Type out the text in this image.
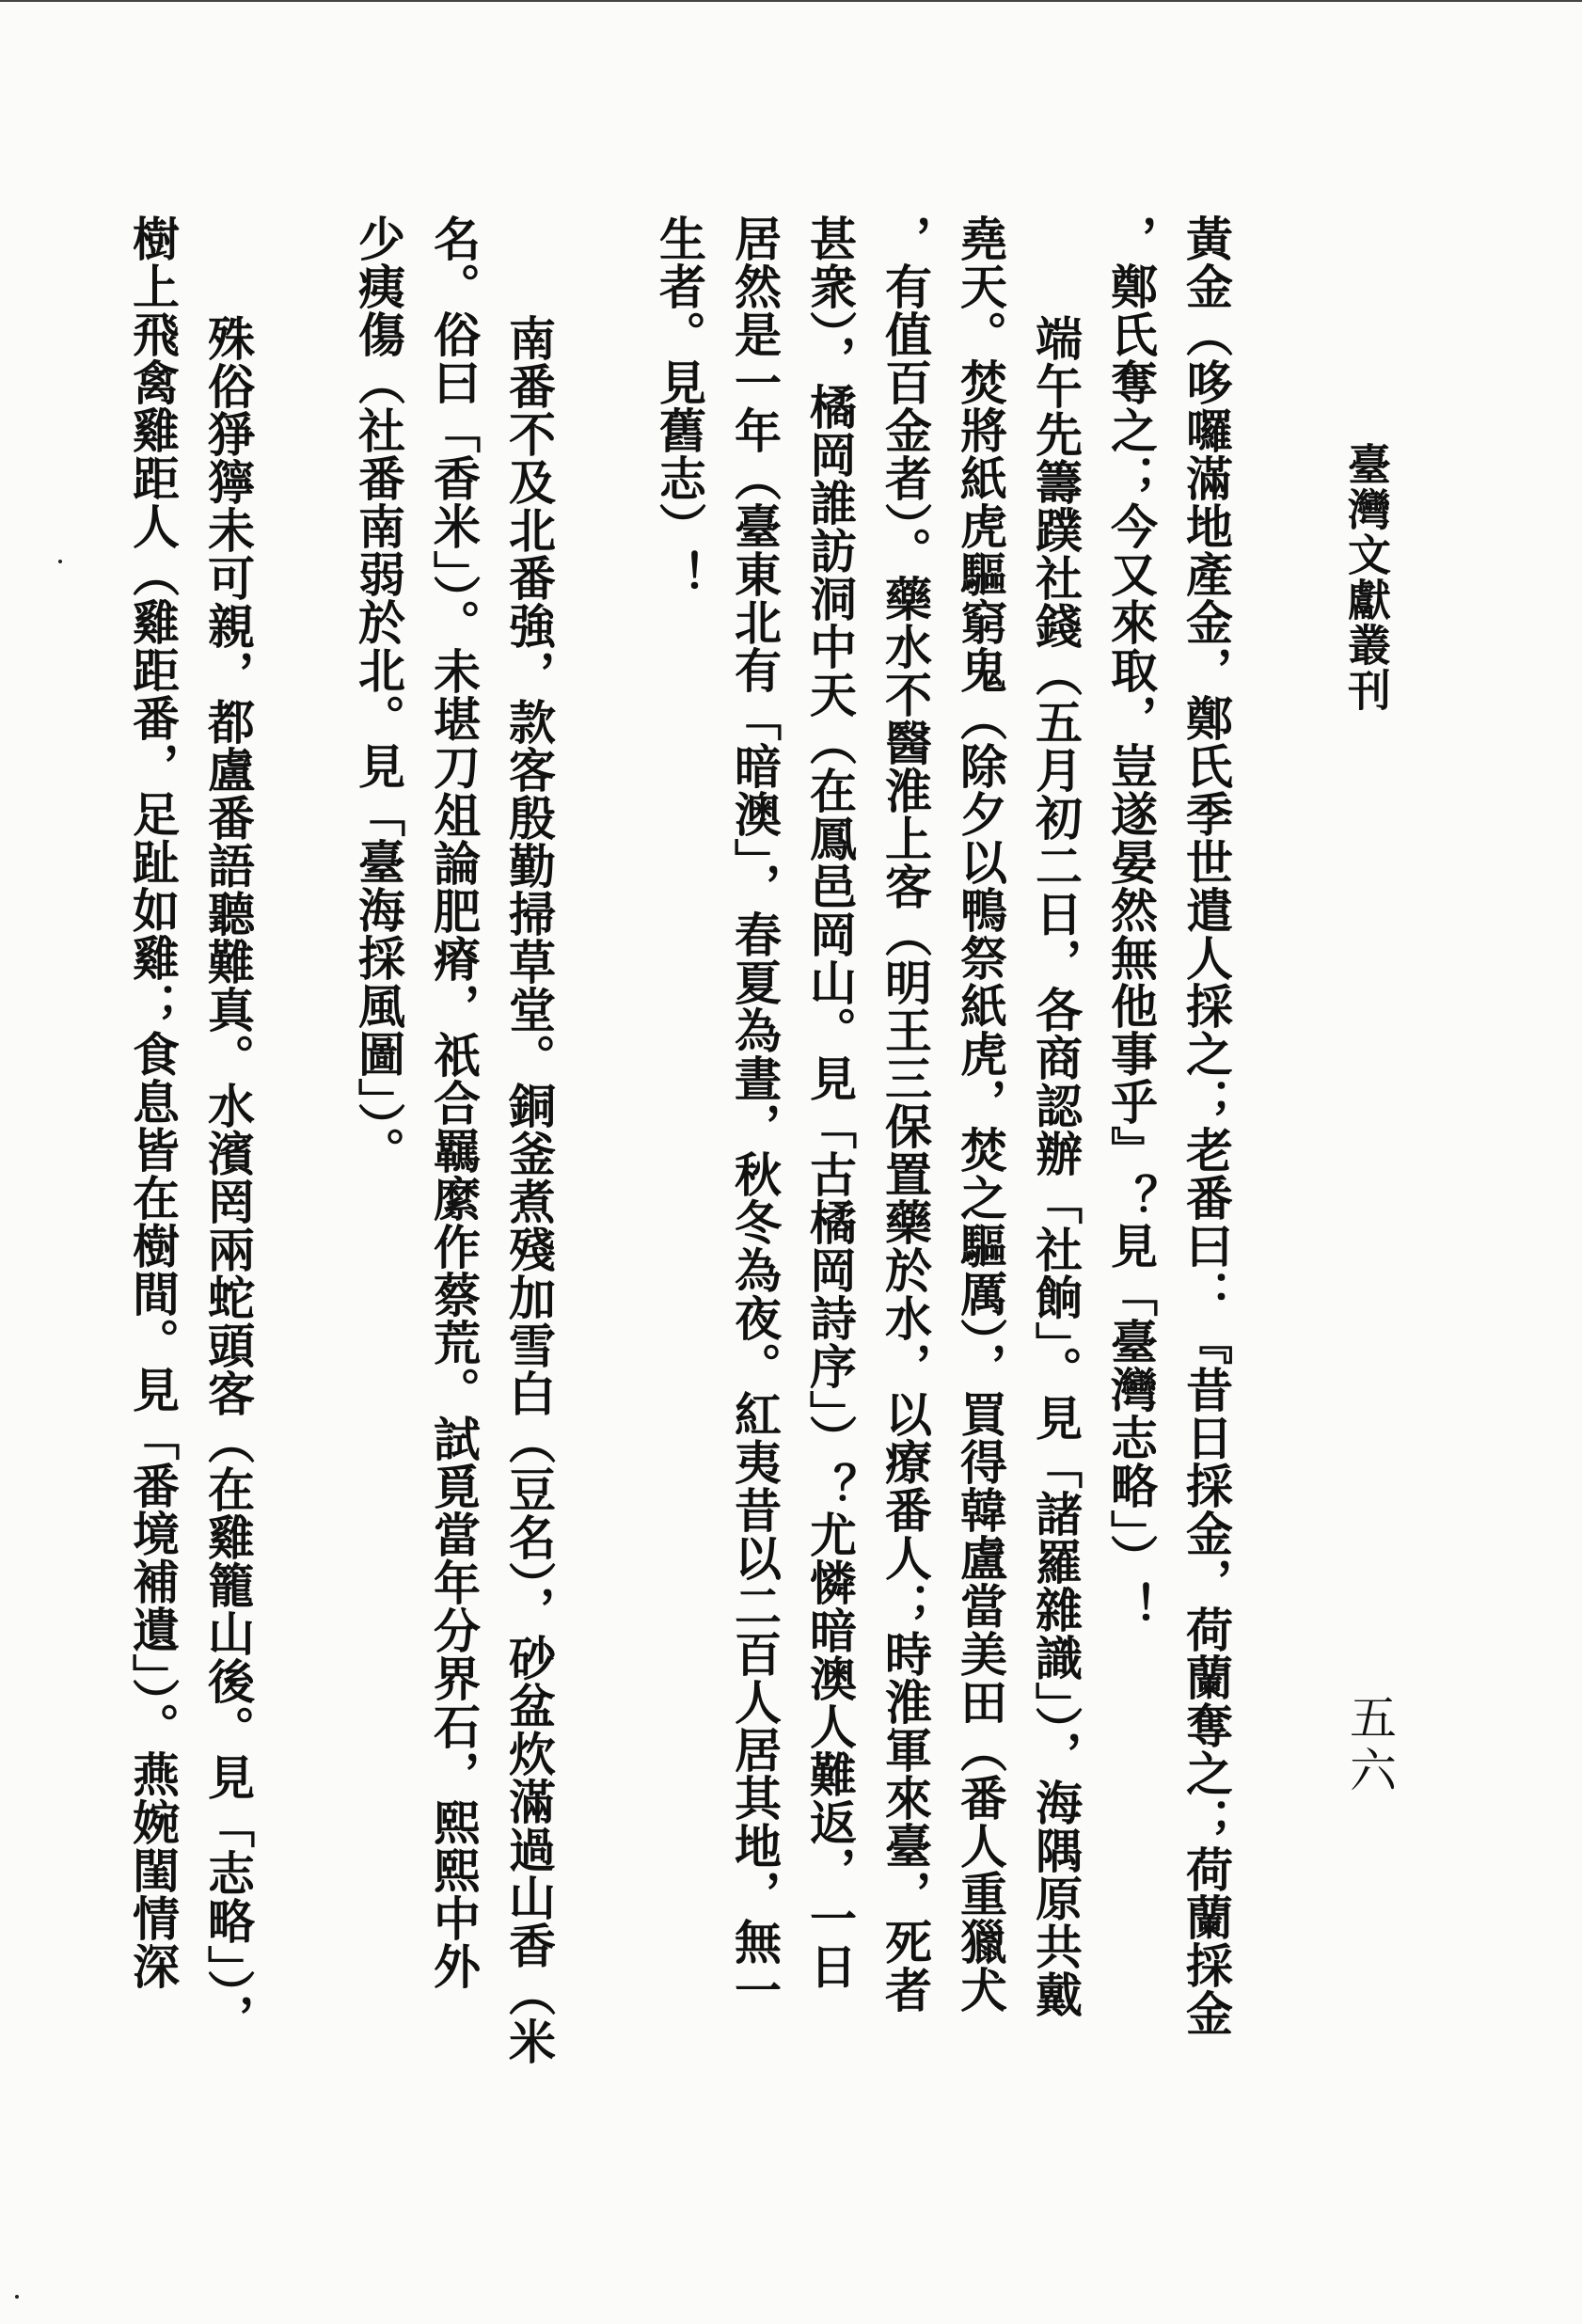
臺灣文獻叢刊
五六
黃金（哆囉滿地產金，鄭氏季世遣人採之；老番曰：『昔日採金，荷蘭奪之；荷蘭採金
，鄭氏奪之；今又來取，豈遂晏然無他事乎』？見「臺灣志略」）！
端午先籌蹼社錢（五月初二日，各商認辦「社餉」。見「諸羅雜識」），海隅原共戴
堯天。焚將紙虎驅窮鬼（除夕以鴨祭紙虎，焚之驅厲），買得韓盧當美田（番人重獵犬
，有值百金者）。藥水不醫淮上客（明王三保置藥於水，以療番人；時淮軍來臺，死者
甚衆），橘岡誰訪洞中天（在鳳邑岡山。見「古橘岡詩序」）？尤憐暗澳人難返，一日
居然是一年（臺東北有「暗澳」，春夏為晝，秋冬為夜。紅夷昔以二百人居其地，無一
生者。見舊志）！
南番不及北番強，款客殷勤掃草堂。銅釜煮殘加雪白（豆名），砂盆炊滿過山香（米
名。俗曰「香米」）。未堪刀俎論肥瘠，祇合羈縻作蔡荒。試覓當年分界石，熙熙中外
少痍傷（社番南弱於北。見「臺海採風圖」）。
殊俗猙獰未可親，都盧番語聽難真。水濱罔兩蛇頭客（在雞籠山後。見「志略」），
樹上飛禽雞距人（雞距番，足趾如雞；食息皆在樹間。見「番境補遺」）。燕婉閨情深
